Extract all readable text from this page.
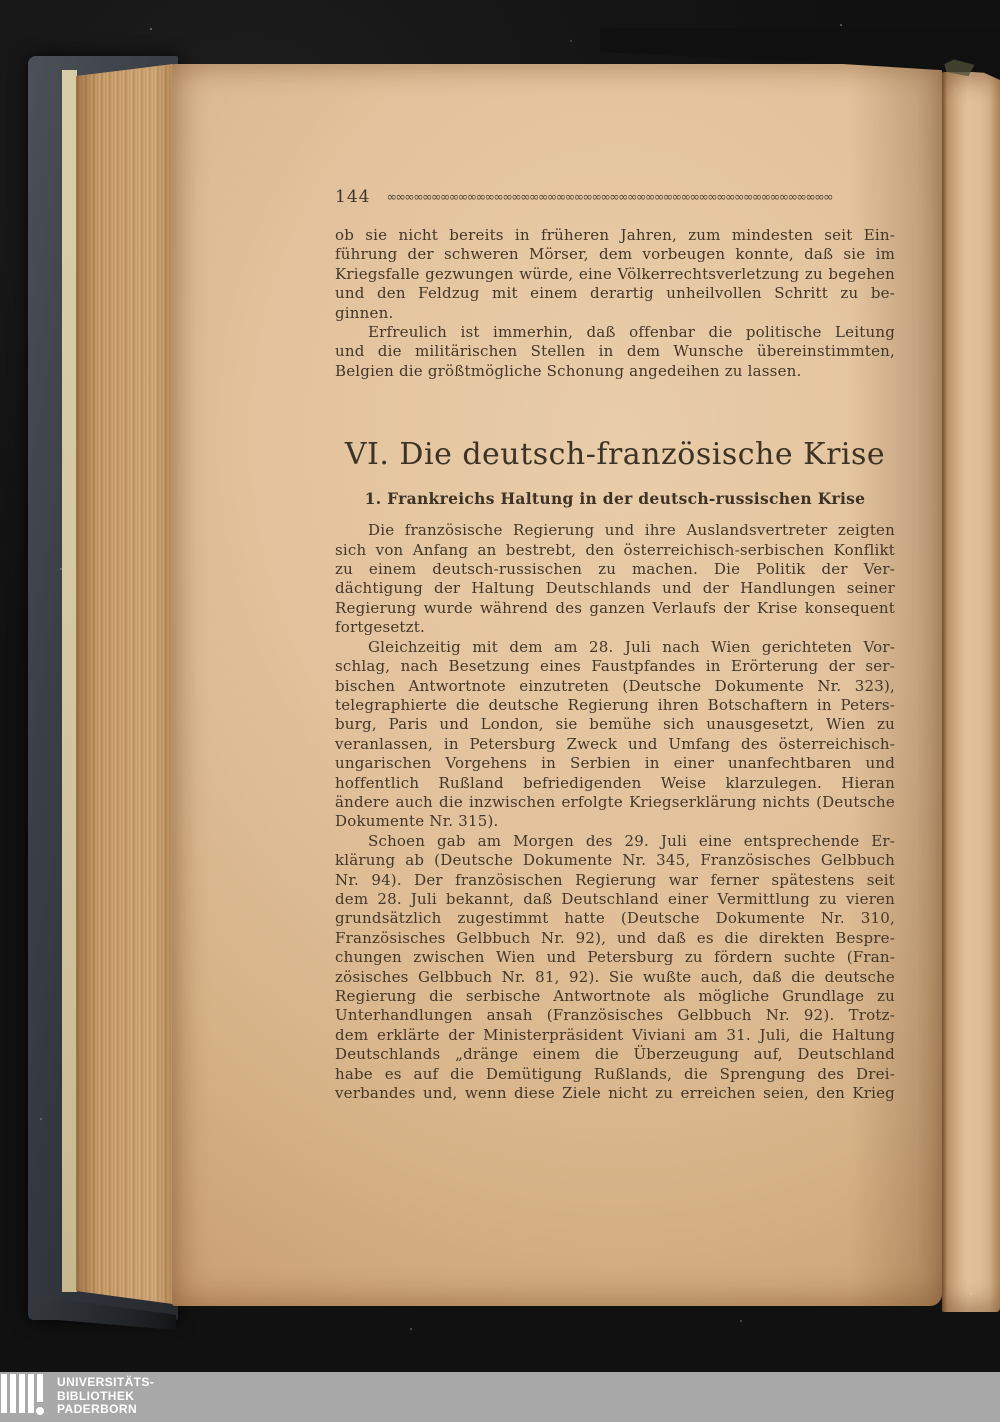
144 ∞∞∞∞∞∞∞∞∞∞∞∞∞∞∞∞∞∞∞∞∞∞∞∞∞∞∞∞∞∞∞∞∞∞∞∞∞∞∞∞∞∞∞∞∞∞∞∞∞∞
ob sie nicht bereits in früheren Jahren, zum mindesten seit Ein-
führung der schweren Mörser, dem vorbeugen konnte, daß sie im
Kriegsfalle gezwungen würde, eine Völkerrechtsverletzung zu begehen
und den Feldzug mit einem derartig unheilvollen Schritt zu be-
ginnen.
Erfreulich ist immerhin, daß offenbar die politische Leitung
und die militärischen Stellen in dem Wunsche übereinstimmten,
Belgien die größtmögliche Schonung angedeihen zu lassen.
VI. Die deutsch-französische Krise
1. Frankreichs Haltung in der deutsch-russischen Krise
Die französische Regierung und ihre Auslandsvertreter zeigten
sich von Anfang an bestrebt, den österreichisch-serbischen Konflikt
zu einem deutsch-russischen zu machen. Die Politik der Ver-
dächtigung der Haltung Deutschlands und der Handlungen seiner
Regierung wurde während des ganzen Verlaufs der Krise konsequent
fortgesetzt.
Gleichzeitig mit dem am 28. Juli nach Wien gerichteten Vor-
schlag, nach Besetzung eines Faustpfandes in Erörterung der ser-
bischen Antwortnote einzutreten (Deutsche Dokumente Nr. 323),
telegraphierte die deutsche Regierung ihren Botschaftern in Peters-
burg, Paris und London, sie bemühe sich unausgesetzt, Wien zu
veranlassen, in Petersburg Zweck und Umfang des österreichisch-
ungarischen Vorgehens in Serbien in einer unanfechtbaren und
hoffentlich Rußland befriedigenden Weise klarzulegen. Hieran
ändere auch die inzwischen erfolgte Kriegserklärung nichts (Deutsche
Dokumente Nr. 315).
Schoen gab am Morgen des 29. Juli eine entsprechende Er-
klärung ab (Deutsche Dokumente Nr. 345, Französisches Gelbbuch
Nr. 94). Der französischen Regierung war ferner spätestens seit
dem 28. Juli bekannt, daß Deutschland einer Vermittlung zu vieren
grundsätzlich zugestimmt hatte (Deutsche Dokumente Nr. 310,
Französisches Gelbbuch Nr. 92), und daß es die direkten Bespre-
chungen zwischen Wien und Petersburg zu fördern suchte (Fran-
zösisches Gelbbuch Nr. 81, 92). Sie wußte auch, daß die deutsche
Regierung die serbische Antwortnote als mögliche Grundlage zu
Unterhandlungen ansah (Französisches Gelbbuch Nr. 92). Trotz-
dem erklärte der Ministerpräsident Viviani am 31. Juli, die Haltung
Deutschlands „dränge einem die Überzeugung auf, Deutschland
habe es auf die Demütigung Rußlands, die Sprengung des Drei-
verbandes und, wenn diese Ziele nicht zu erreichen seien, den Krieg
UNIVERSITÄTS-
BIBLIOTHEK
PADERBORN
